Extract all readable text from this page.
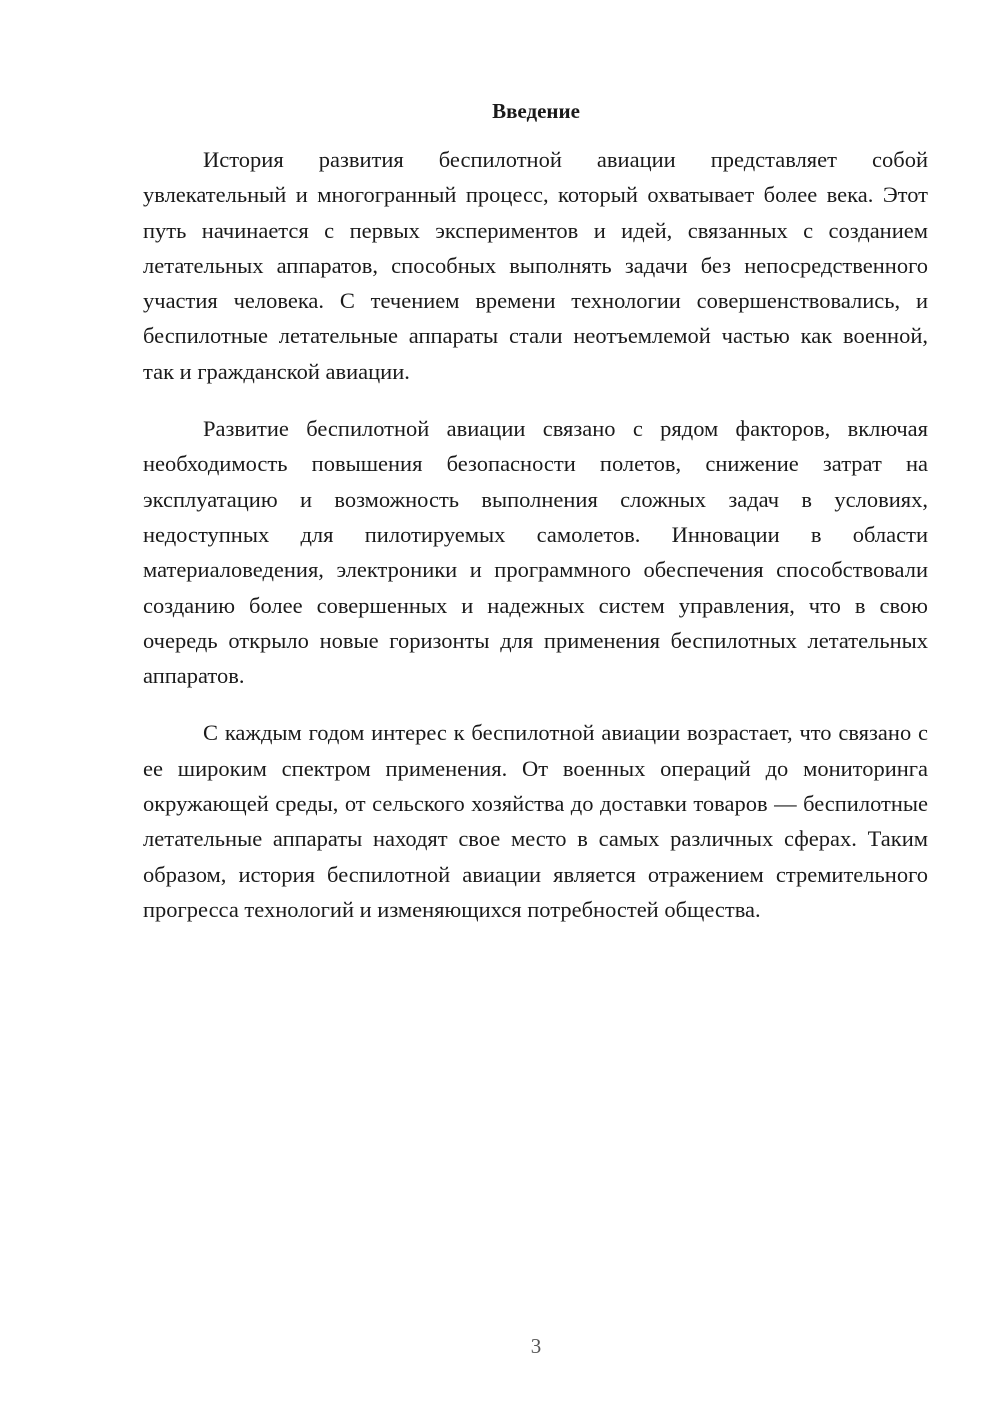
Введение

История развития беспилотной авиации представляет собой увлекательный и многогранный процесс, который охватывает более века. Этот путь начинается с первых экспериментов и идей, связанных с созданием летательных аппаратов, способных выполнять задачи без непосредственного участия человека. С течением времени технологии совершенствовались, и беспилотные летательные аппараты стали неотъемлемой частью как военной, так и гражданской авиации.

Развитие беспилотной авиации связано с рядом факторов, включая необходимость повышения безопасности полетов, снижение затрат на эксплуатацию и возможность выполнения сложных задач в условиях, недоступных для пилотируемых самолетов. Инновации в области материаловедения, электроники и программного обеспечения способствовали созданию более совершенных и надежных систем управления, что в свою очередь открыло новые горизонты для применения беспилотных летательных аппаратов.

С каждым годом интерес к беспилотной авиации возрастает, что связано с ее широким спектром применения. От военных операций до мониторинга окружающей среды, от сельского хозяйства до доставки товаров — беспилотные летательные аппараты находят свое место в самых различных сферах. Таким образом, история беспилотной авиации является отражением стремительного прогресса технологий и изменяющихся потребностей общества.

3
